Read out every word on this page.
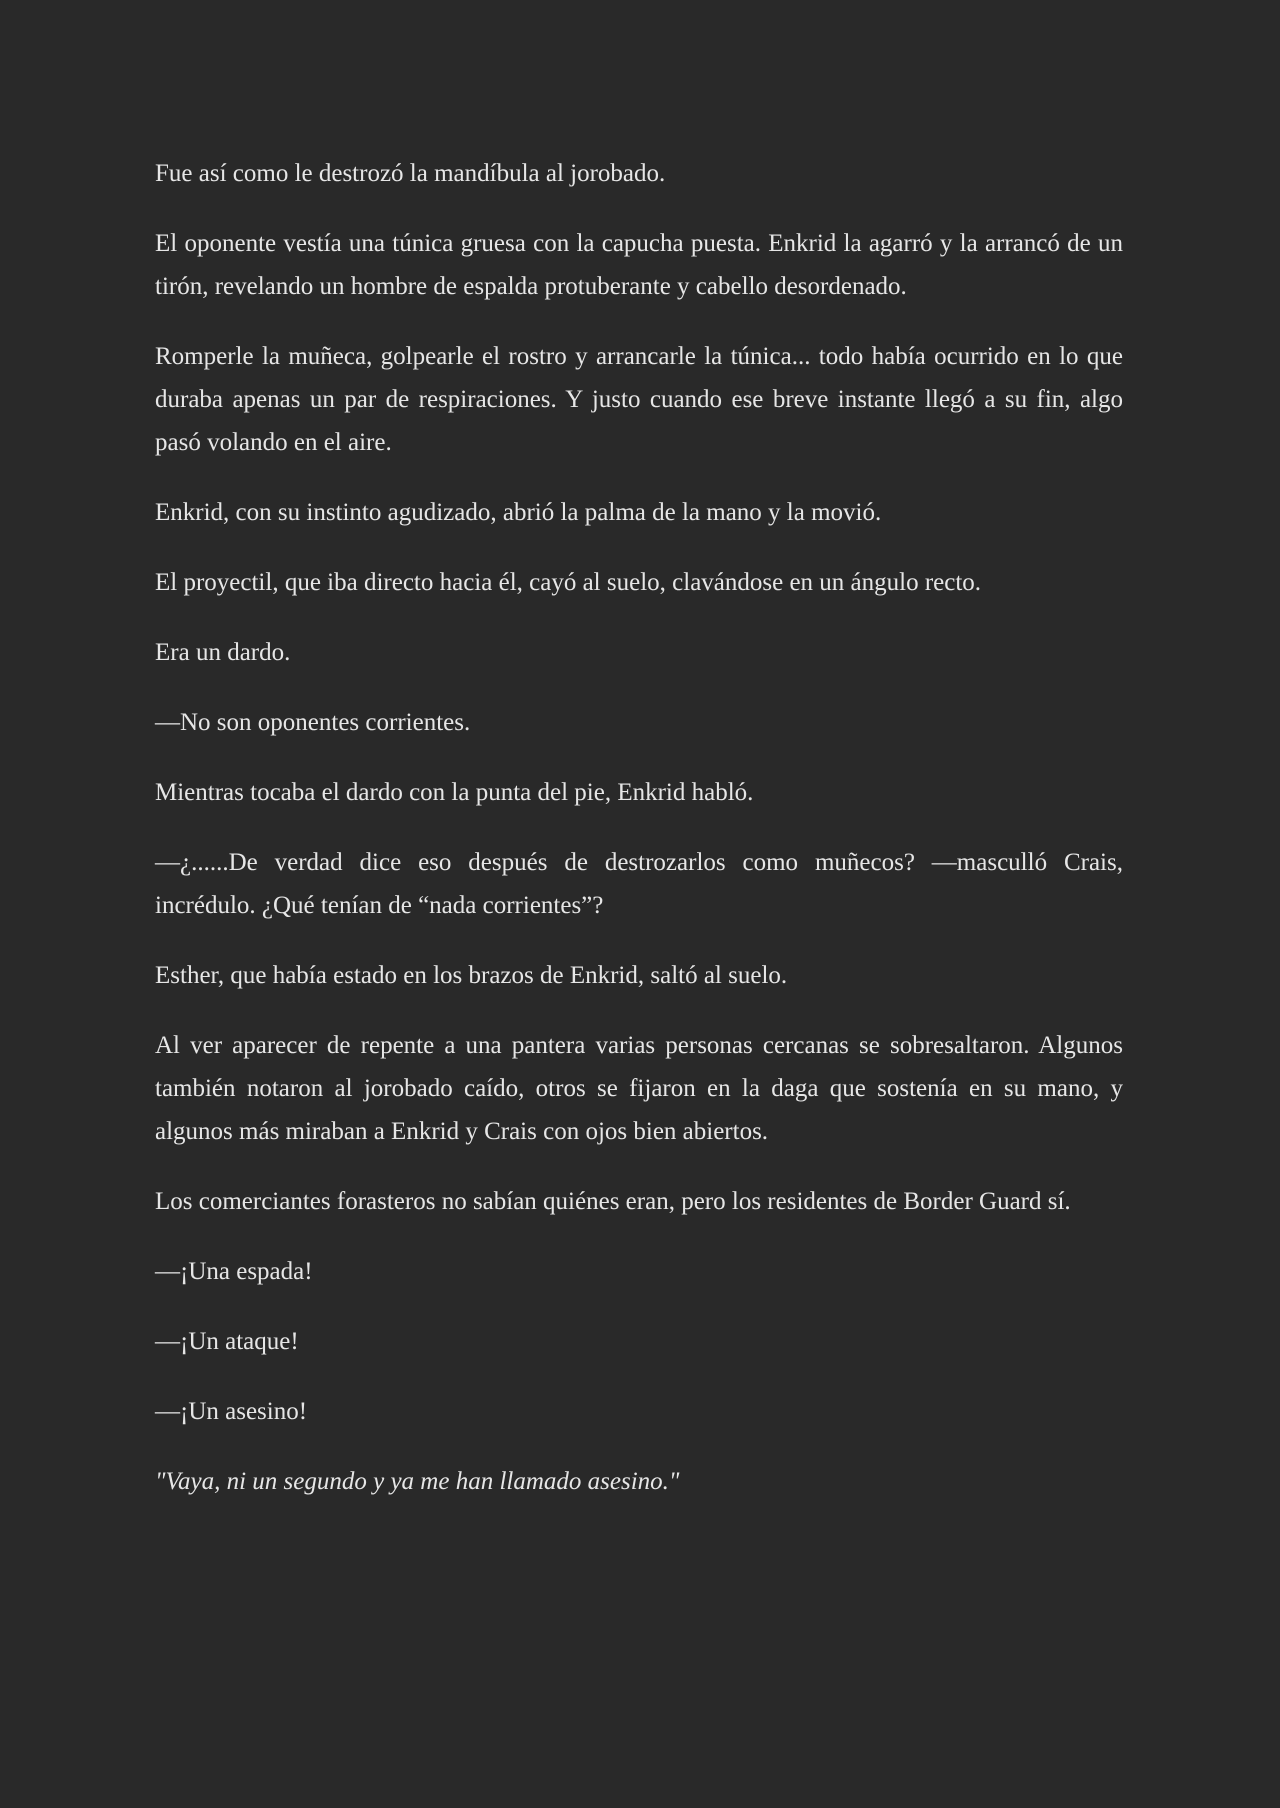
Fue así como le destrozó la mandíbula al jorobado.

El oponente vestía una túnica gruesa con la capucha puesta. Enkrid la agarró y la arrancó de un tirón, revelando un hombre de espalda protuberante y cabello desordenado.

Romperle la muñeca, golpearle el rostro y arrancarle la túnica... todo había ocurrido en lo que duraba apenas un par de respiraciones. Y justo cuando ese breve instante llegó a su fin, algo pasó volando en el aire.

Enkrid, con su instinto agudizado, abrió la palma de la mano y la movió.

El proyectil, que iba directo hacia él, cayó al suelo, clavándose en un ángulo recto.

Era un dardo.

—No son oponentes corrientes.

Mientras tocaba el dardo con la punta del pie, Enkrid habló.

—¿......De verdad dice eso después de destrozarlos como muñecos? —masculló Crais, incrédulo. ¿Qué tenían de “nada corrientes”?

Esther, que había estado en los brazos de Enkrid, saltó al suelo.

Al ver aparecer de repente a una pantera varias personas cercanas se sobresaltaron. Algunos también notaron al jorobado caído, otros se fijaron en la daga que sostenía en su mano, y algunos más miraban a Enkrid y Crais con ojos bien abiertos.

Los comerciantes forasteros no sabían quiénes eran, pero los residentes de Border Guard sí.

—¡Una espada!

—¡Un ataque!

—¡Un asesino!

"Vaya, ni un segundo y ya me han llamado asesino."
